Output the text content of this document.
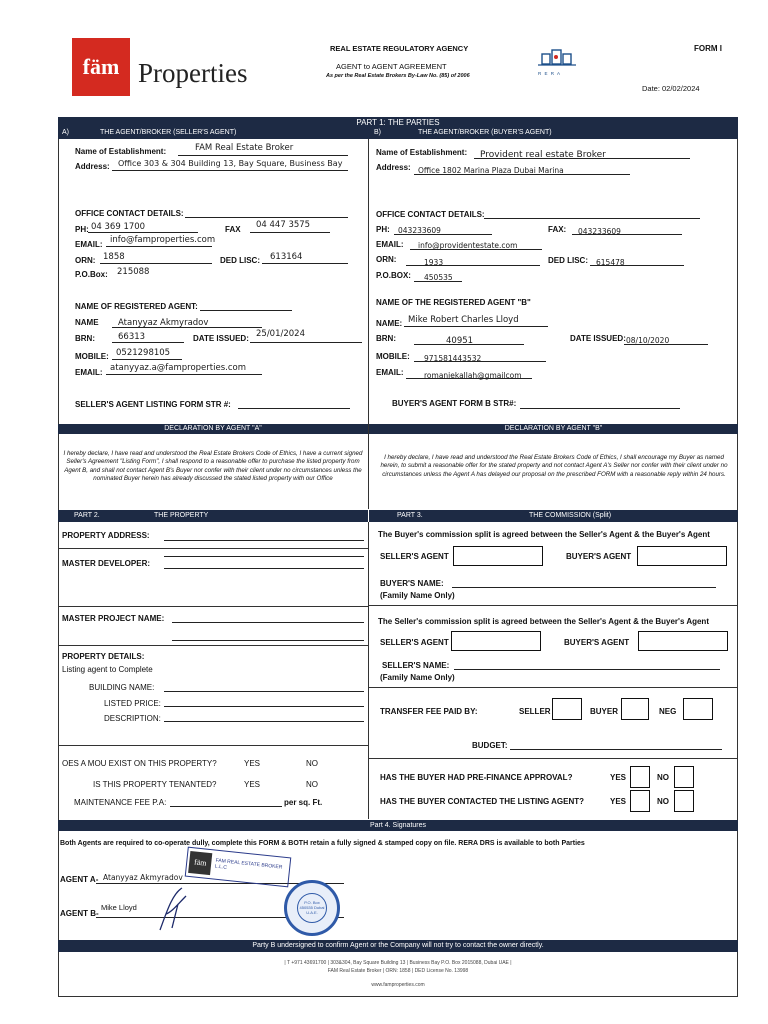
fäm Properties
REAL ESTATE REGULATORY AGENCY
AGENT to AGENT AGREEMENT
As per the Real Estate Brokers By-Law No. (85) of 2006	R E R A
FORM I
Date: 02/02/2024
PART 1: THE PARTIES
A)	THE AGENT/BROKER (SELLER'S AGENT)	B)	THE AGENT/BROKER (BUYER'S AGENT)
Name of Establishment:	FAM Real Estate Broker
Address: Office 303 & 304 Building 13, Bay Square, Business Bay
OFFICE CONTACT DETAILS:
PH: 04 369 1700	FAX 04 447 3575
EMAIL: info@famproperties.com
ORN: 1858	DED LISC: 613164
P.O.Box: 215088
NAME OF REGISTERED AGENT:
NAME Atanyyaz Akmyradov
BRN:	66313	DATE ISSUED: 25/01/2024
MOBILE: 0521298105
EMAIL: atanyyaz.a@famproperties.com
SELLER'S AGENT LISTING FORM STR #:
Name of Establishment: Provident real estate Broker
Address: Office 1802 Marina Plaza Dubai Marina
OFFICE CONTACT DETAILS:
PH: 043233609	FAX: 043233609
EMAIL: info@providentestate.com
ORN:	1933	DED LISC: 615478
P.O.BOX: 450535
NAME OF THE REGISTERED AGENT "B"
NAME: Mike Robert Charles Lloyd
BRN:	40951	DATE ISSUED: 08/10/2020
MOBILE: 971581443532
EMAIL:	romaniekallah@gmailcom
BUYER'S AGENT FORM B STR#:
DECLARATION BY AGENT "A"	DECLARATION BY AGENT "B"
I hereby declare, I have read and understood the Real Estate Brokers Code of Ethics, I have a current signed Seller's Agreement "Listing Form", I shall respond to a reasonable offer to purchase the listed property from Agent B, and shall not contact Agent B's Buyer nor confer with their client under no circumstances unless the nominated Buyer herein has already discussed the stated listed property with our Office
I hereby declare, I have read and understood the Real Estate Brokers Code of Ethics, I shall encourage my Buyer as named herein, to submit a reasonable offer for the stated property and not contact Agent A's Seller nor confer with their client under no circumstances unless the Agent A has delayed our proposal on the prescribed FORM with a reasonable reply within 24 hours.
PART 2.	THE PROPERTY	PART 3.	THE COMMISSION (Split)
PROPERTY ADDRESS:
MASTER DEVELOPER:
MASTER PROJECT NAME:
PROPERTY DETAILS:
Listing agent to Complete
BUILDING NAME:
LISTED PRICE:
DESCRIPTION:
OES A MOU EXIST ON THIS PROPERTY?	YES	NO
IS THIS PROPERTY TENANTED?	YES	NO
MAINTENANCE FEE P.A:	per sq. Ft.
The Buyer's commission split is agreed between the Seller's Agent & the Buyer's Agent
SELLER'S AGENT	BUYER'S AGENT
BUYER'S NAME:
(Family Name Only)
The Seller's commission split is agreed between the Seller's Agent & the Buyer's Agent
SELLER'S AGENT	BUYER'S AGENT
SELLER'S NAME:
(Family Name Only)
TRANSFER FEE PAID BY:	SELLER	BUYER	NEG
BUDGET:
HAS THE BUYER HAD PRE-FINANCE APPROVAL?	YES	NO
HAS THE BUYER CONTACTED THE LISTING AGENT?	YES	NO
Part 4. Signatures
Both Agents are required to co-operate dully, complete this FORM & BOTH retain a fully signed & stamped copy on file. RERA DRS is available to both Parties
AGENT A- Atanyyaz Akmyradov
fäm	FAM REAL ESTATE BROKER L.L.C
AGENT B-
Mike Lloyd
P.O. Box 450535 Dubai U.A.E.
Party B undersigned to confirm Agent or the Company will not try to contact the owner directly.
| T +971 43691700 | 303&304, Bay Square Building 13 | Business Bay P.O. Box 2015088, Dubai UAE |
FAM Real Estate Broker | ORN: 1858 | DED License No. 13998
www.famproperties.com
